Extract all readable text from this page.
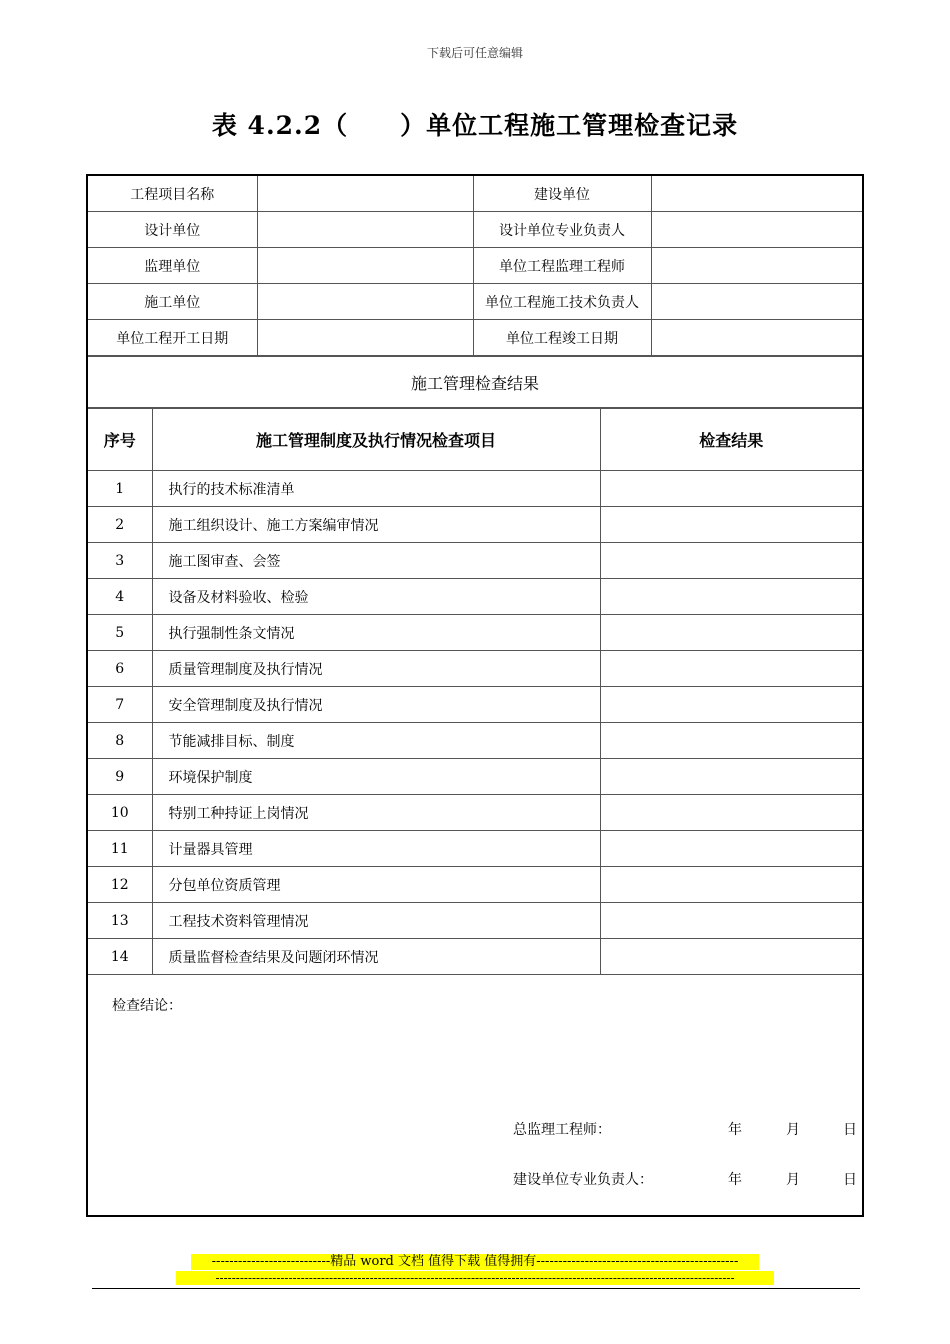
下载后可任意编辑
表 4.2.2（　　）单位工程施工管理检查记录
工程项目名称		建设单位	
设计单位		设计单位专业负责人	
监理单位		单位工程监理工程师	
施工单位		单位工程施工技术负责人	
单位工程开工日期		单位工程竣工日期	
施工管理检查结果
序号	施工管理制度及执行情况检查项目	检查结果
1	执行的技术标准清单	
2	施工组织设计、施工方案编审情况	
3	施工图审查、会签	
4	设备及材料验收、检验	
5	执行强制性条文情况	
6	质量管理制度及执行情况	
7	安全管理制度及执行情况	
8	节能减排目标、制度	
9	环境保护制度	
10	特别工种持证上岗情况	
11	计量器具管理	
12	分包单位资质管理	
13	工程技术资料管理情况	
14	质量监督检查结果及问题闭环情况	
检查结论：
总监理工程师：	年	月	日
建设单位专业负责人：	年	月	日
---------------------------精品 word 文档 值得下载 值得拥有----------------------------------------------
--------------------------------------------------------------------------------------------------------------------------------
